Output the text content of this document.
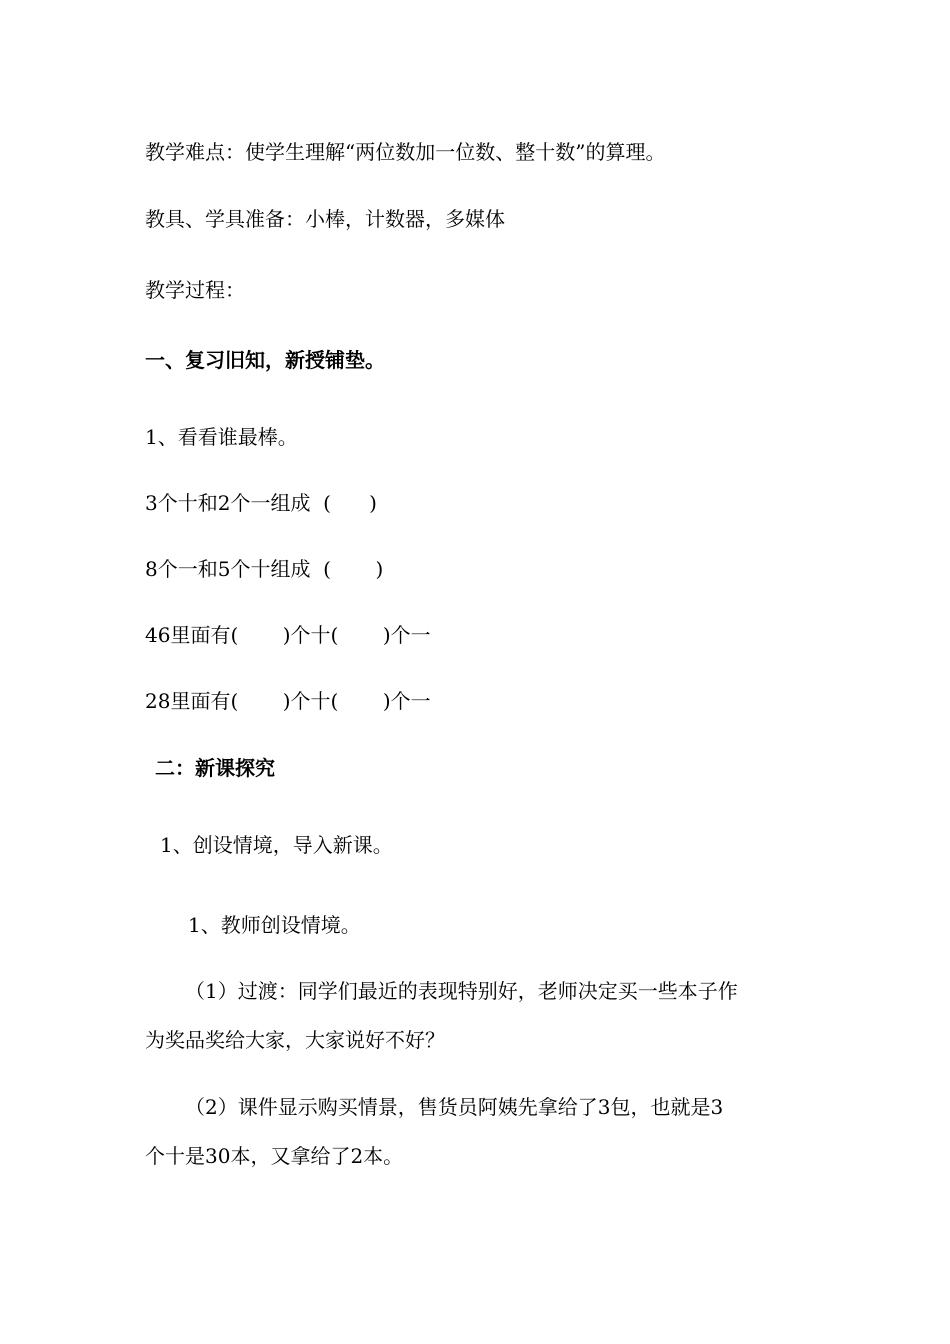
教学难点：使学生理解“两位数加一位数、整十数”的算理。

教具、学具准备：小棒，计数器，多媒体

教学过程：

一、复习旧知，新授铺垫。

1、看看谁最棒。

3个十和2个一组成  (      )

8个一和5个十组成  (       )

46里面有(       )个十(       )个一

28里面有(       )个十(       )个一

二：新课探究

1、创设情境，导入新课。

1、教师创设情境。

（1）过渡：同学们最近的表现特别好，老师决定买一些本子作

为奖品奖给大家，大家说好不好？

（2）课件显示购买情景，售货员阿姨先拿给了3包，也就是3

个十是30本，又拿给了2本。
